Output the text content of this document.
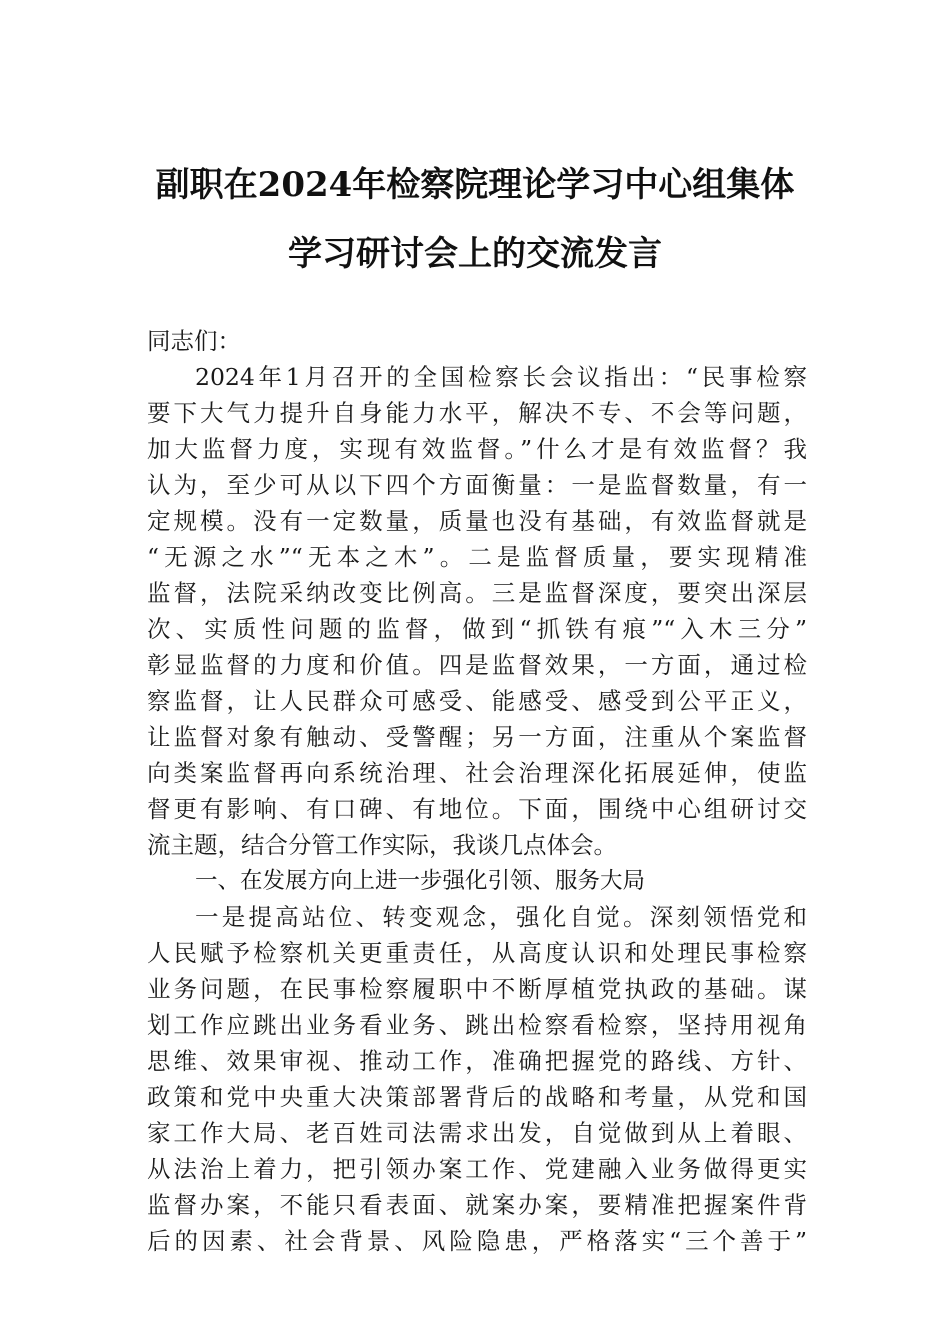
副职在2024年检察院理论学习中心组集体
学习研讨会上的交流发言
同志们：
2024年1月召开的全国检察长会议指出：“民事检察
要下大气力提升自身能力水平，解决不专、不会等问题，
加大监督力度，实现有效监督。”什么才是有效监督？我
认为，至少可从以下四个方面衡量：一是监督数量，有一
定规模。没有一定数量，质量也没有基础，有效监督就是
“无源之水”“无本之木”。二是监督质量，要实现精准
监督，法院采纳改变比例高。三是监督深度，要突出深层
次、实质性问题的监督，做到“抓铁有痕”“入木三分”
彰显监督的力度和价值。四是监督效果，一方面，通过检
察监督，让人民群众可感受、能感受、感受到公平正义，
让监督对象有触动、受警醒；另一方面，注重从个案监督
向类案监督再向系统治理、社会治理深化拓展延伸，使监
督更有影响、有口碑、有地位。下面，围绕中心组研讨交
流主题，结合分管工作实际，我谈几点体会。
一、在发展方向上进一步强化引领、服务大局
一是提高站位、转变观念，强化自觉。深刻领悟党和
人民赋予检察机关更重责任，从高度认识和处理民事检察
业务问题，在民事检察履职中不断厚植党执政的基础。谋
划工作应跳出业务看业务、跳出检察看检察，坚持用视角
思维、效果审视、推动工作，准确把握党的路线、方针、
政策和党中央重大决策部署背后的战略和考量，从党和国
家工作大局、老百姓司法需求出发，自觉做到从上着眼、
从法治上着力，把引领办案工作、党建融入业务做得更实
监督办案，不能只看表面、就案办案，要精准把握案件背
后的因素、社会背景、风险隐患，严格落实“三个善于”
